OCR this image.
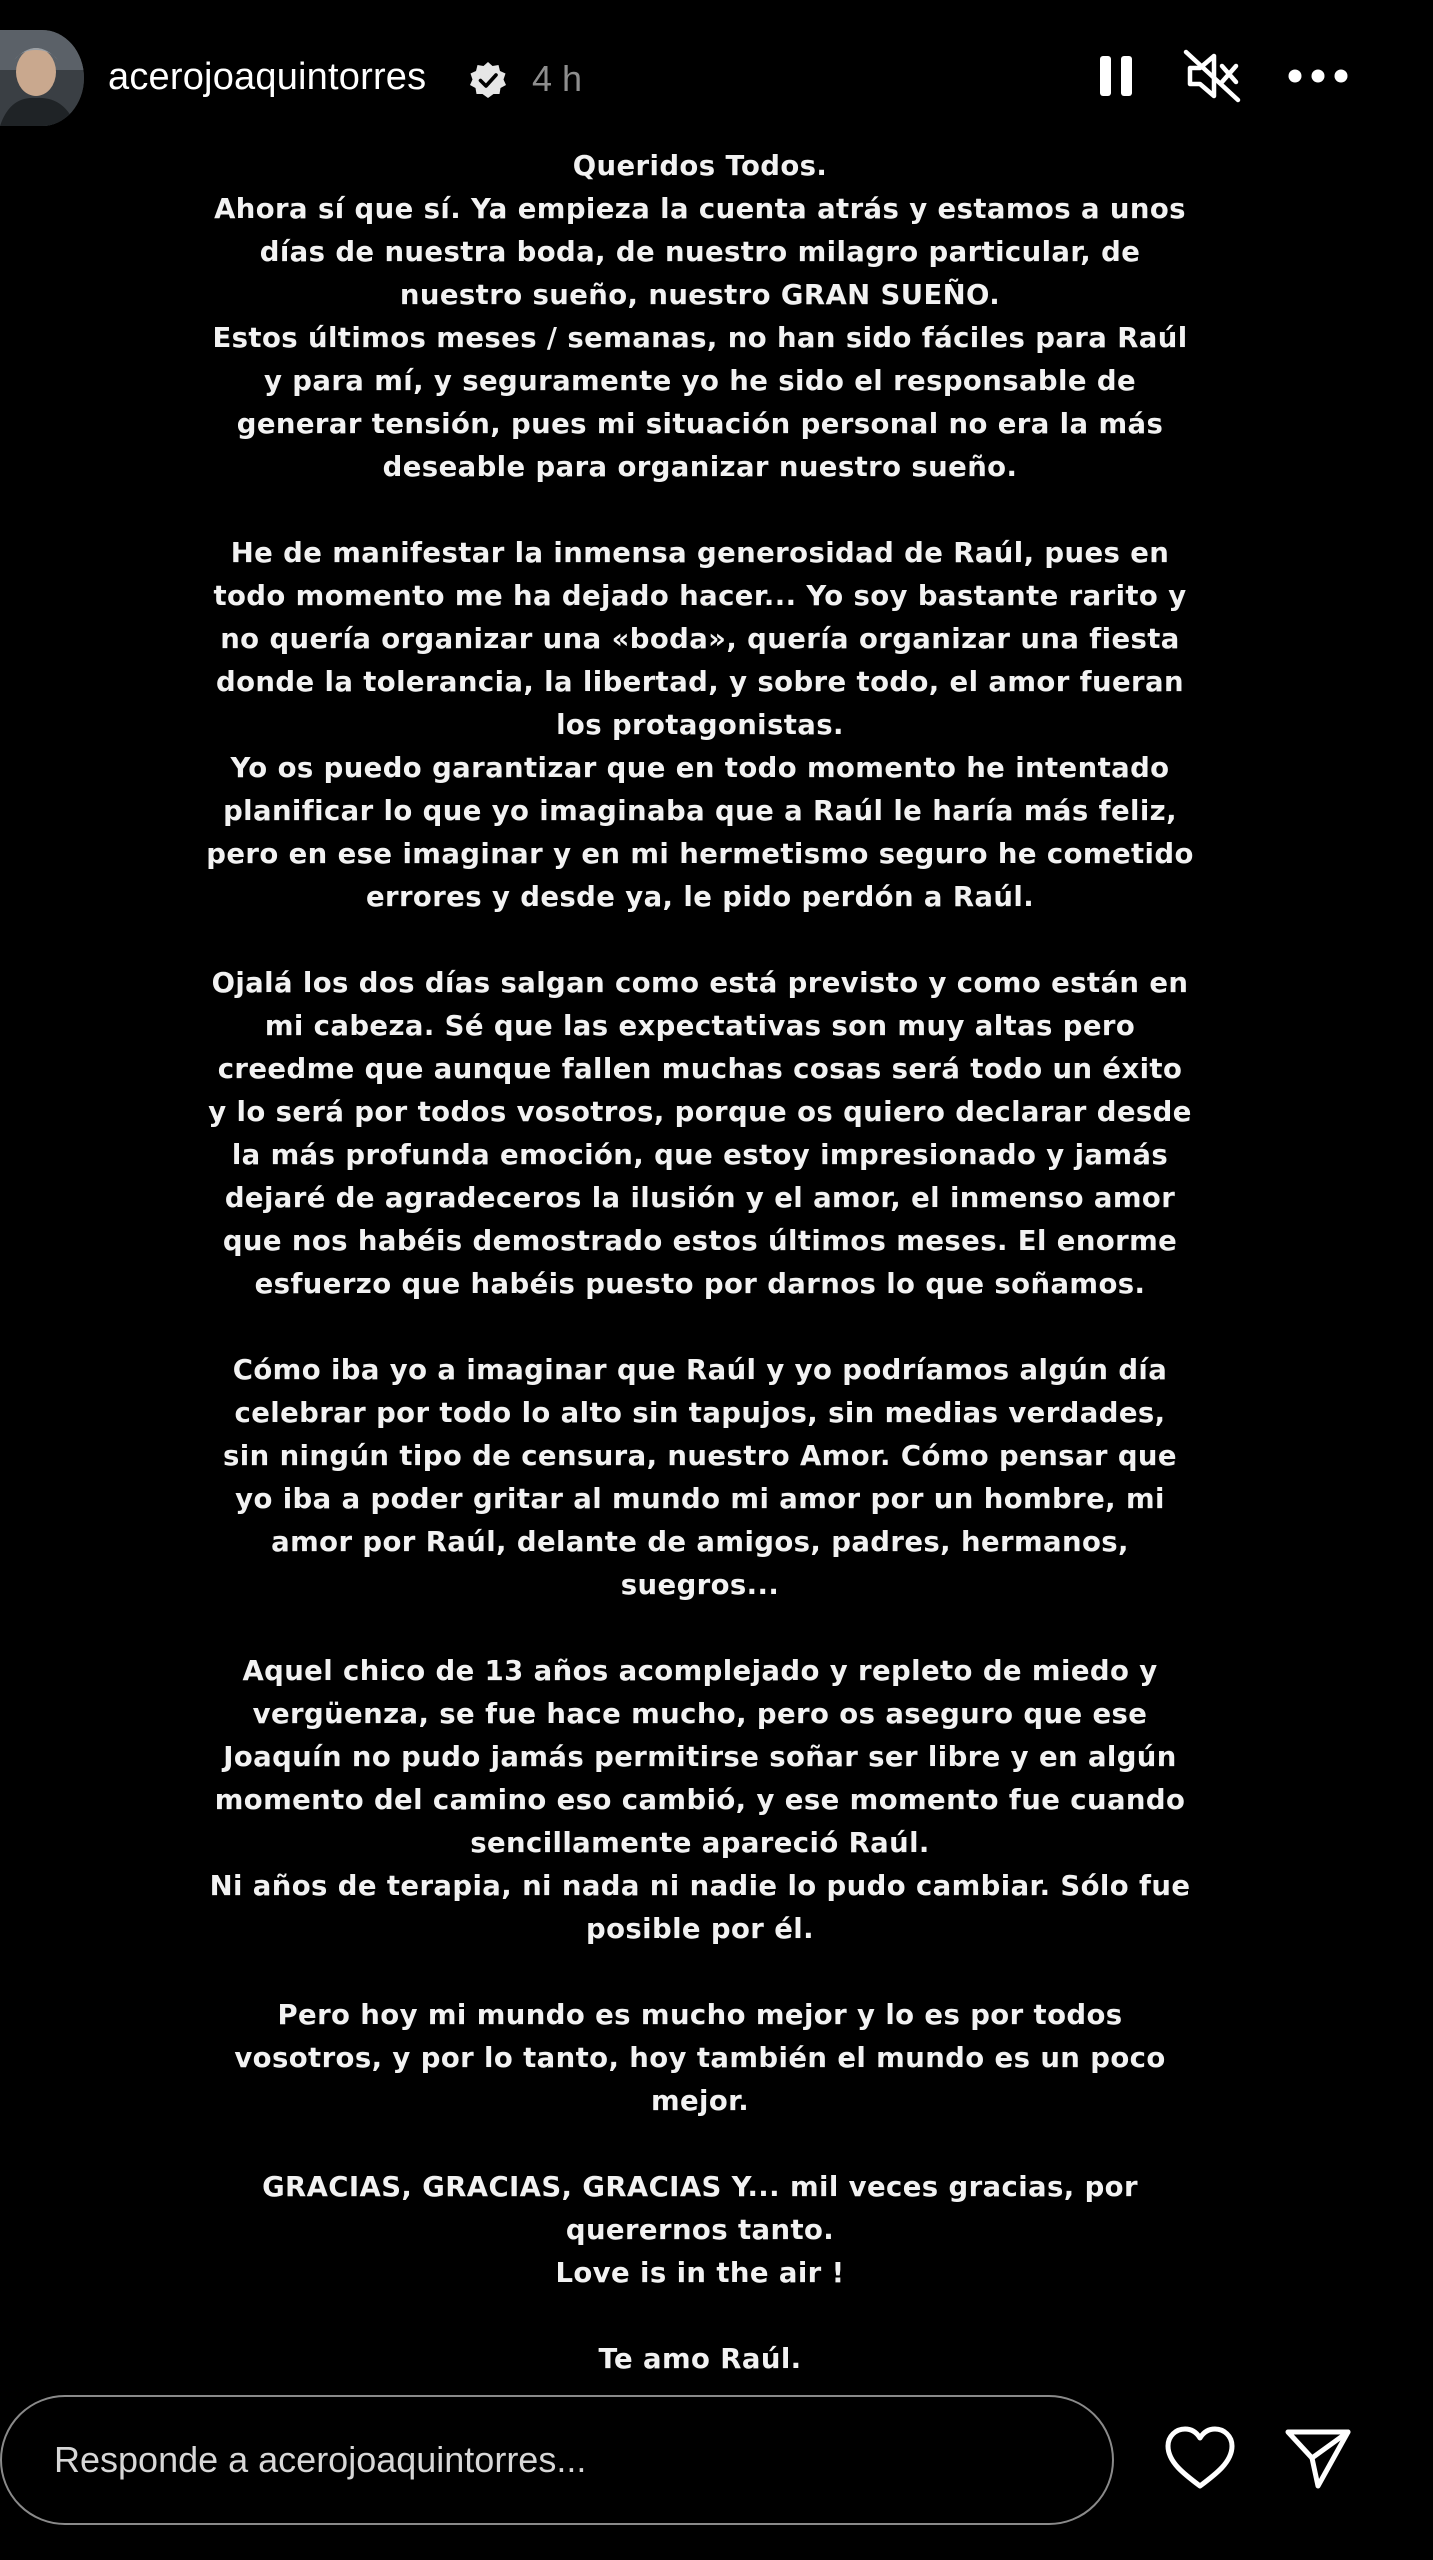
acerojoaquintorres	4 h
Queridos Todos.
Ahora sí que sí. Ya empieza la cuenta atrás y estamos a unos
días de nuestra boda, de nuestro milagro particular, de
nuestro sueño, nuestro GRAN SUEÑO.
Estos últimos meses / semanas, no han sido fáciles para Raúl
y para mí, y seguramente yo he sido el responsable de
generar tensión, pues mi situación personal no era la más
deseable para organizar nuestro sueño.
He de manifestar la inmensa generosidad de Raúl, pues en
todo momento me ha dejado hacer... Yo soy bastante rarito y
no quería organizar una «boda», quería organizar una fiesta
donde la tolerancia, la libertad, y sobre todo, el amor fueran
los protagonistas.
Yo os puedo garantizar que en todo momento he intentado
planificar lo que yo imaginaba que a Raúl le haría más feliz,
pero en ese imaginar y en mi hermetismo seguro he cometido
errores y desde ya, le pido perdón a Raúl.
Ojalá los dos días salgan como está previsto y como están en
mi cabeza. Sé que las expectativas son muy altas pero
creedme que aunque fallen muchas cosas será todo un éxito
y lo será por todos vosotros, porque os quiero declarar desde
la más profunda emoción, que estoy impresionado y jamás
dejaré de agradeceros la ilusión y el amor, el inmenso amor
que nos habéis demostrado estos últimos meses. El enorme
esfuerzo que habéis puesto por darnos lo que soñamos.
Cómo iba yo a imaginar que Raúl y yo podríamos algún día
celebrar por todo lo alto sin tapujos, sin medias verdades,
sin ningún tipo de censura, nuestro Amor. Cómo pensar que
yo iba a poder gritar al mundo mi amor por un hombre, mi
amor por Raúl, delante de amigos, padres, hermanos,
suegros...
Aquel chico de 13 años acomplejado y repleto de miedo y
vergüenza, se fue hace mucho, pero os aseguro que ese
Joaquín no pudo jamás permitirse soñar ser libre y en algún
momento del camino eso cambió, y ese momento fue cuando
sencillamente apareció Raúl.
Ni años de terapia, ni nada ni nadie lo pudo cambiar. Sólo fue
posible por él.
Pero hoy mi mundo es mucho mejor y lo es por todos
vosotros, y por lo tanto, hoy también el mundo es un poco
mejor.
GRACIAS, GRACIAS, GRACIAS Y... mil veces gracias, por
querernos tanto.
Love is in the air !
Te amo Raúl.
Responde a acerojoaquintorres...
